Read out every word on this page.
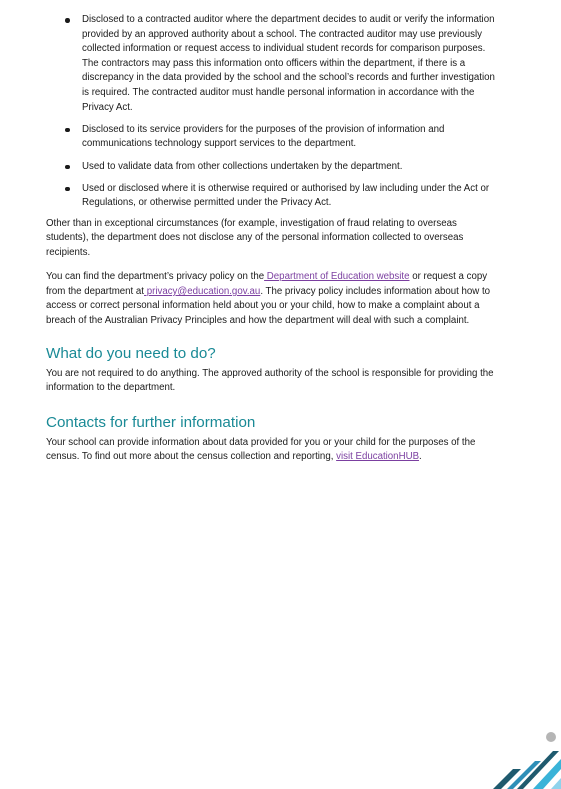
Disclosed to a contracted auditor where the department decides to audit or verify the information provided by an approved authority about a school. The contracted auditor may use previously collected information or request access to individual student records for comparison purposes. The contractors may pass this information onto officers within the department, if there is a discrepancy in the data provided by the school and the school’s records and further investigation is required. The contracted auditor must handle personal information in accordance with the Privacy Act.
Disclosed to its service providers for the purposes of the provision of information and communications technology support services to the department.
Used to validate data from other collections undertaken by the department.
Used or disclosed where it is otherwise required or authorised by law including under the Act or Regulations, or otherwise permitted under the Privacy Act.

Other than in exceptional circumstances (for example, investigation of fraud relating to overseas students), the department does not disclose any of the personal information collected to overseas recipients.

You can find the department’s privacy policy on the Department of Education website or request a copy from the department at privacy@education.gov.au. The privacy policy includes information about how to access or correct personal information held about you or your child, how to make a complaint about a breach of the Australian Privacy Principles and how the department will deal with such a complaint.

What do you need to do?

You are not required to do anything. The approved authority of the school is responsible for providing the information to the department.

Contacts for further information

Your school can provide information about data provided for you or your child for the purposes of the census. To find out more about the census collection and reporting, visit EducationHUB.
